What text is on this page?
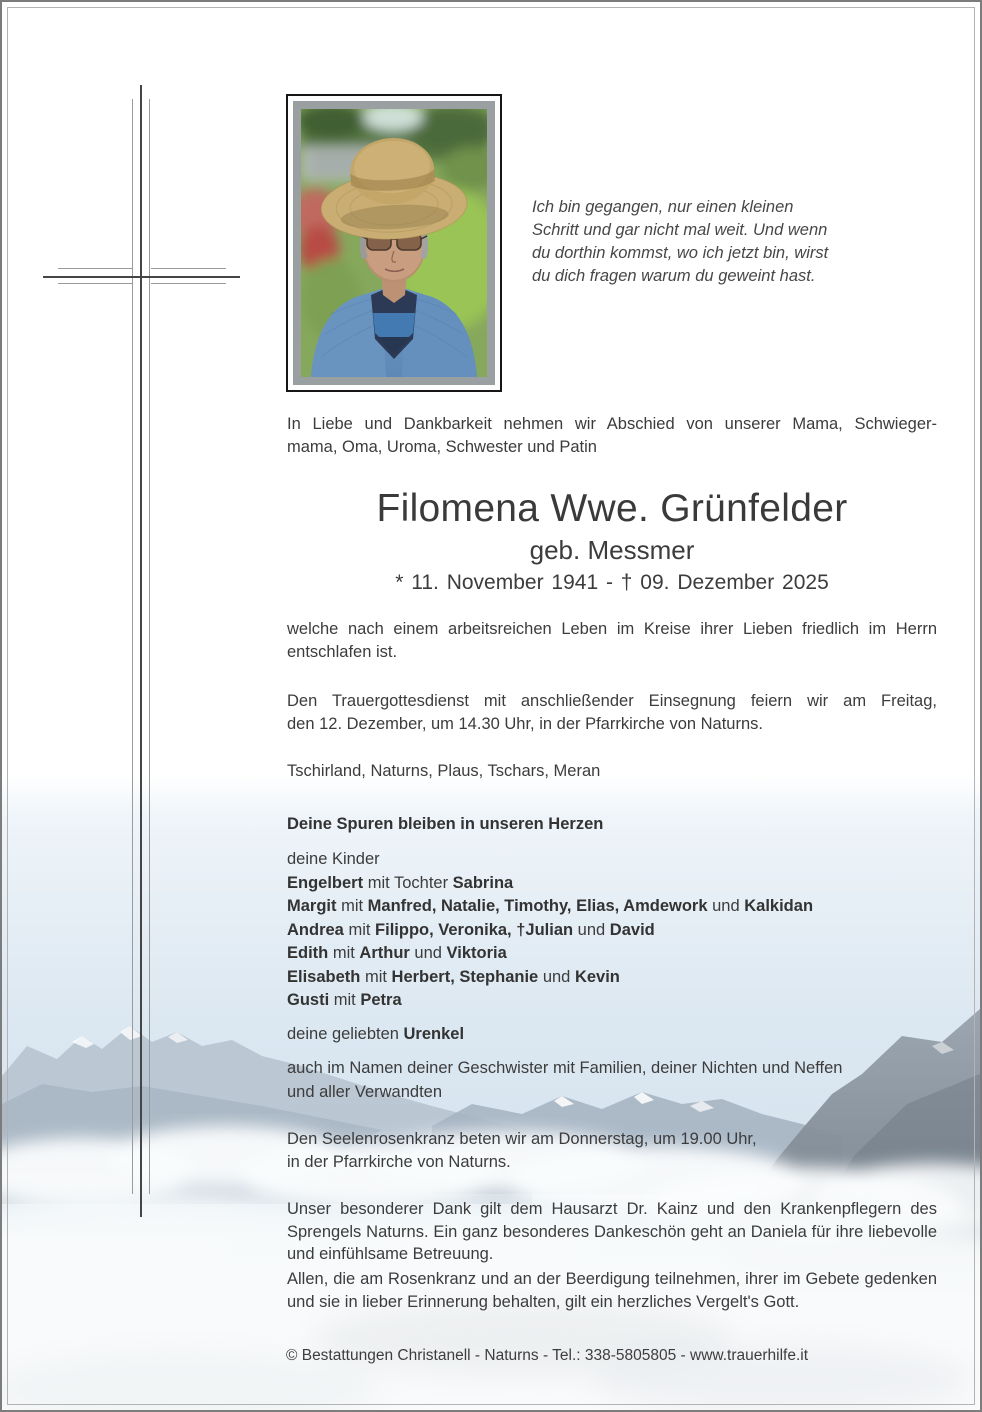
Ich bin gegangen, nur einen kleinen
Schritt und gar nicht mal weit. Und wenn
du dorthin kommst, wo ich jetzt bin, wirst
du dich fragen warum du geweint hast.
In Liebe und Dankbarkeit nehmen wir Abschied von unserer Mama, Schwieger-
mama, Oma, Uroma, Schwester und Patin
Filomena Wwe. Grünfelder
geb. Messmer
* 11. November 1941 - † 09. Dezember 2025
welche nach einem arbeitsreichen Leben im Kreise ihrer Lieben friedlich im Herrn
entschlafen ist.
Den Trauergottesdienst mit anschließender Einsegnung feiern wir am Freitag,
den 12. Dezember, um 14.30 Uhr, in der Pfarrkirche von Naturns.
Tschirland, Naturns, Plaus, Tschars, Meran
Deine Spuren bleiben in unseren Herzen
deine Kinder
Engelbert mit Tochter Sabrina
Margit mit Manfred, Natalie, Timothy, Elias, Amdework und Kalkidan
Andrea mit Filippo, Veronika, †Julian und David
Edith mit Arthur und Viktoria
Elisabeth mit Herbert, Stephanie und Kevin
Gusti mit Petra
deine geliebten Urenkel
auch im Namen deiner Geschwister mit Familien, deiner Nichten und Neffen
und aller Verwandten
Den Seelenrosenkranz beten wir am Donnerstag, um 19.00 Uhr,
in der Pfarrkirche von Naturns.
Unser besonderer Dank gilt dem Hausarzt Dr. Kainz und den Krankenpflegern des
Sprengels Naturns. Ein ganz besonderes Dankeschön geht an Daniela für ihre liebevolle
und einfühlsame Betreuung.
Allen, die am Rosenkranz und an der Beerdigung teilnehmen, ihrer im Gebete gedenken
und sie in lieber Erinnerung behalten, gilt ein herzliches Vergelt's Gott.
© Bestattungen Christanell - Naturns - Tel.: 338-5805805 - www.trauerhilfe.it
